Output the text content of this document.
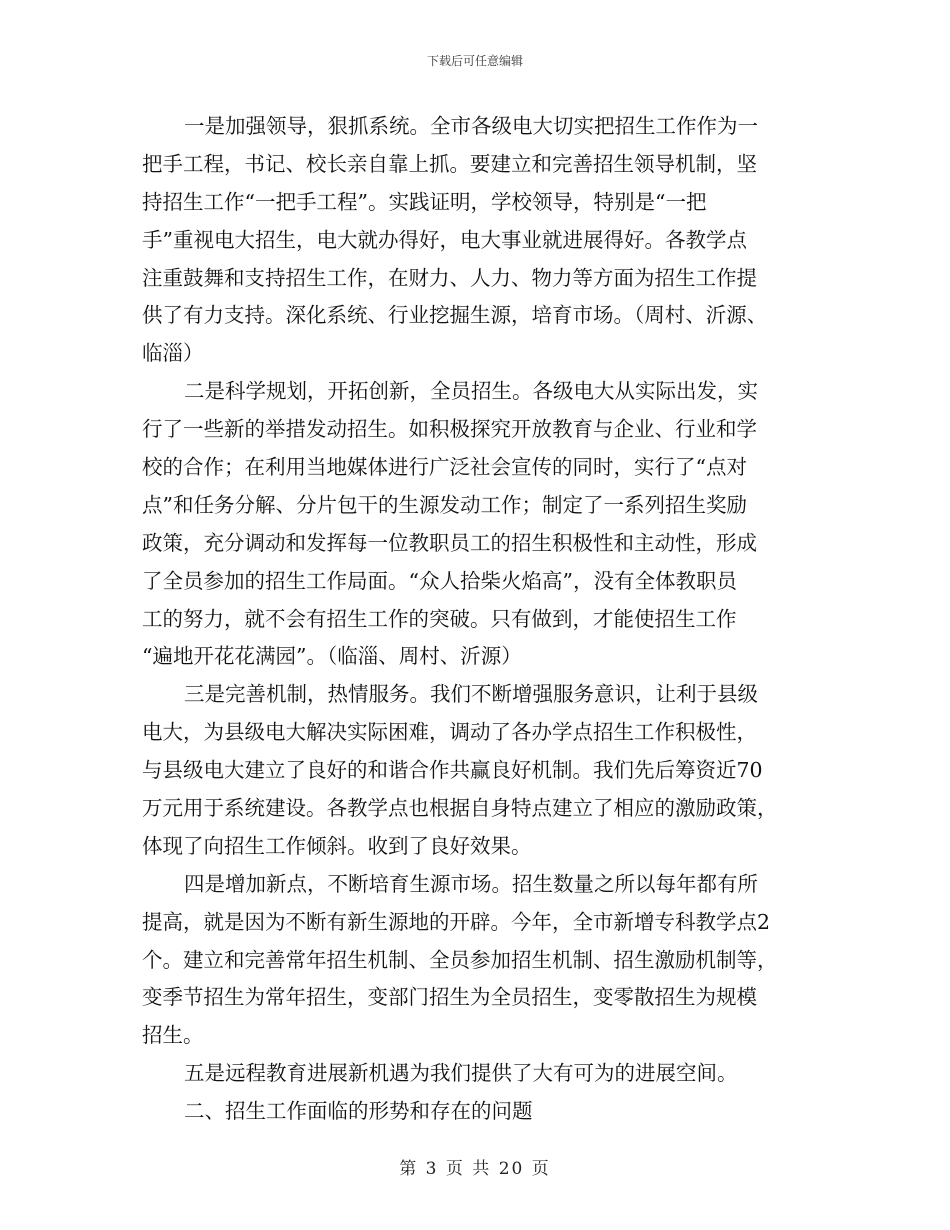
下载后可任意编辑
一是加强领导，狠抓系统。全市各级电大切实把招生工作作为一
把手工程，书记、校长亲自靠上抓。要建立和完善招生领导机制，坚
持招生工作“一把手工程”。实践证明，学校领导，特别是“一把
手”重视电大招生，电大就办得好，电大事业就进展得好。各教学点
注重鼓舞和支持招生工作，在财力、人力、物力等方面为招生工作提
供了有力支持。深化系统、行业挖掘生源，培育市场。（周村、沂源、
临淄）
二是科学规划，开拓创新，全员招生。各级电大从实际出发，实
行了一些新的举措发动招生。如积极探究开放教育与企业、行业和学
校的合作；在利用当地媒体进行广泛社会宣传的同时，实行了“点对
点”和任务分解、分片包干的生源发动工作；制定了一系列招生奖励
政策，充分调动和发挥每一位教职员工的招生积极性和主动性，形成
了全员参加的招生工作局面。“众人拾柴火焰高”，没有全体教职员
工的努力，就不会有招生工作的突破。只有做到，才能使招生工作
“遍地开花花满园”。（临淄、周村、沂源）
三是完善机制，热情服务。我们不断增强服务意识，让利于县级
电大，为县级电大解决实际困难，调动了各办学点招生工作积极性，
与县级电大建立了良好的和谐合作共赢良好机制。我们先后筹资近70
万元用于系统建设。各教学点也根据自身特点建立了相应的激励政策，
体现了向招生工作倾斜。收到了良好效果。
四是增加新点，不断培育生源市场。招生数量之所以每年都有所
提高，就是因为不断有新生源地的开辟。今年，全市新增专科教学点2
个。建立和完善常年招生机制、全员参加招生机制、招生激励机制等，
变季节招生为常年招生，变部门招生为全员招生，变零散招生为规模
招生。
五是远程教育进展新机遇为我们提供了大有可为的进展空间。
二、招生工作面临的形势和存在的问题
第 3 页 共 20 页
